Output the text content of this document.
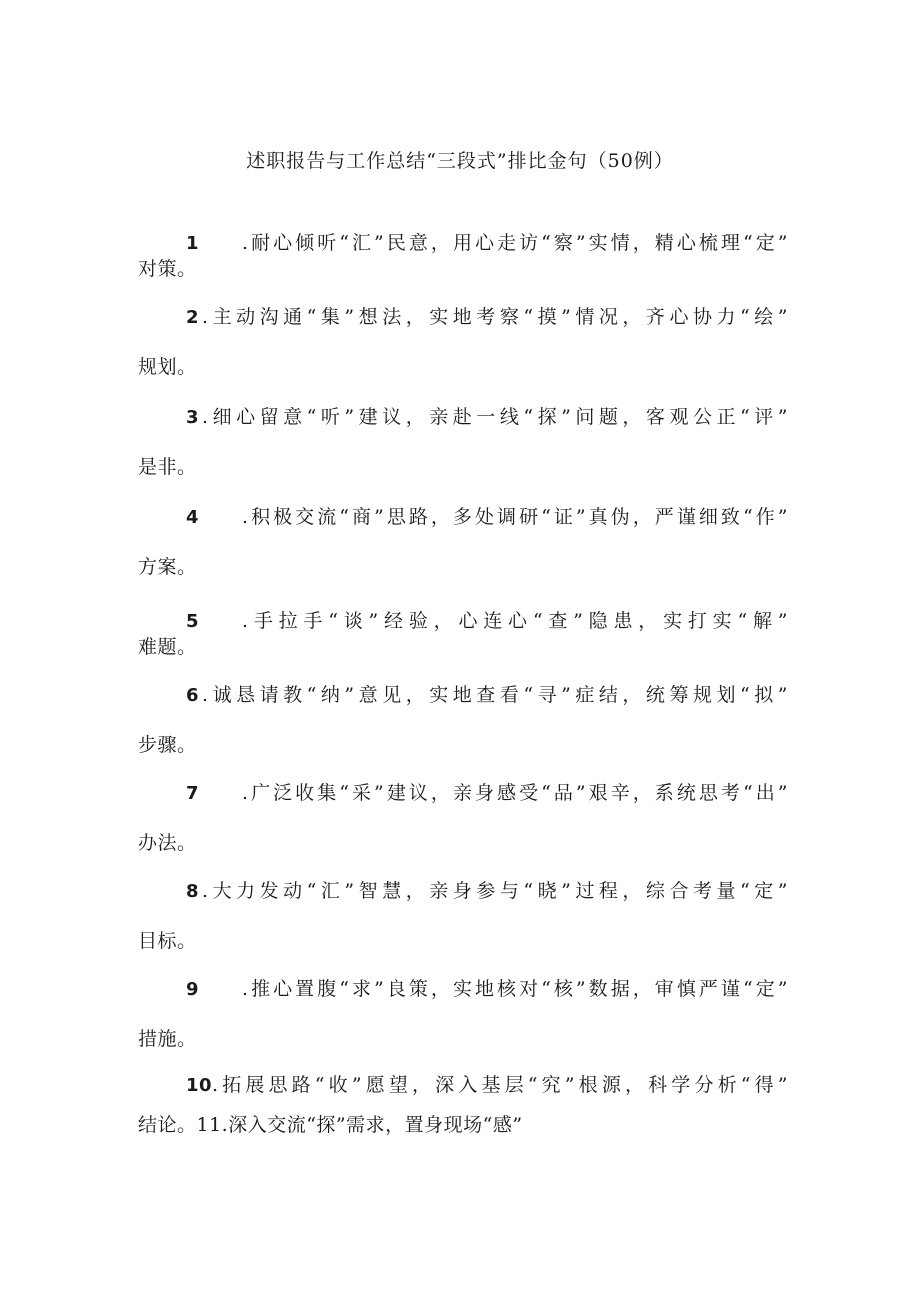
述职报告与工作总结“三段式”排比金句（50例）
1 .耐心倾听“汇”民意，用心走访“察”实情，精心梳理“定”
对策。
2 .主动沟通“集”想法，实地考察“摸”情况，齐心协力“绘”
规划。
3 .细心留意“听”建议，亲赴一线“探”问题，客观公正“评”
是非。
4 .积极交流“商”思路，多处调研“证”真伪，严谨细致“作”
方案。
5 .手拉手“谈”经验，心连心“查”隐患，实打实“解”
难题。
6 .诚恳请教“纳”意见，实地查看“寻”症结，统筹规划“拟”
步骤。
7 .广泛收集“采”建议，亲身感受“品”艰辛，系统思考“出”
办法。
8 .大力发动“汇”智慧，亲身参与“晓”过程，综合考量“定”
目标。
9 .推心置腹“求”良策，实地核对“核”数据，审慎严谨“定”
措施。
10.拓展思路“收”愿望，深入基层“究”根源，科学分析“得”
结论。11.深入交流“探”需求，置身现场“感”
